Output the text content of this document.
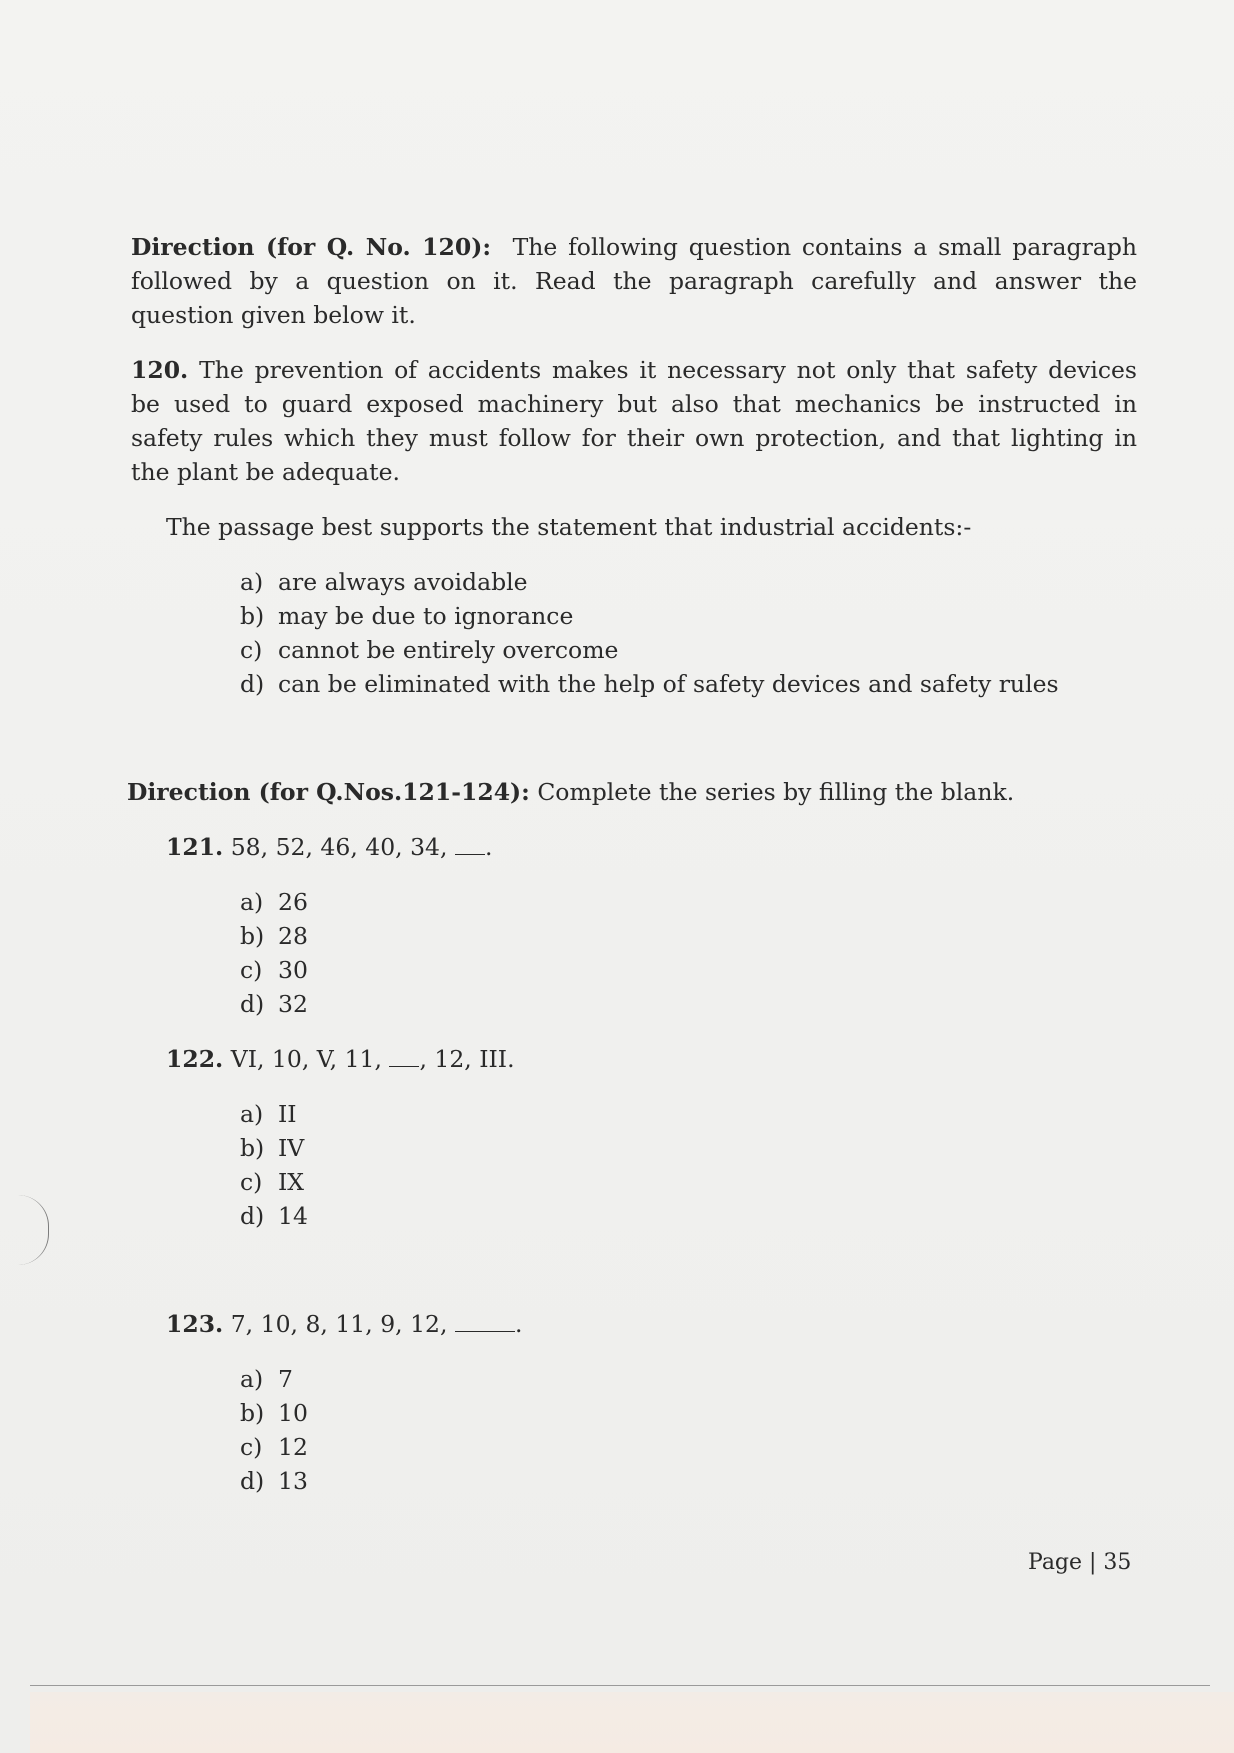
Direction (for Q. No. 120): The following question contains a small paragraph
followed by a question on it. Read the paragraph carefully and answer the
question given below it.
120. The prevention of accidents makes it necessary not only that safety devices
be used to guard exposed machinery but also that mechanics be instructed in
safety rules which they must follow for their own protection, and that lighting in
the plant be adequate.
The passage best supports the statement that industrial accidents:-
a) are always avoidable
b) may be due to ignorance
c) cannot be entirely overcome
d) can be eliminated with the help of safety devices and safety rules
Direction (for Q.Nos.121-124): Complete the series by filling the blank.
121. 58, 52, 46, 40, 34, .
a) 26
b) 28
c) 30
d) 32
122. VI, 10, V, 11, , 12, III.
a) II
b) IV
c) IX
d) 14
123. 7, 10, 8, 11, 9, 12,	.
a) 7
b) 10
c) 12
d) 13
Page | 35
